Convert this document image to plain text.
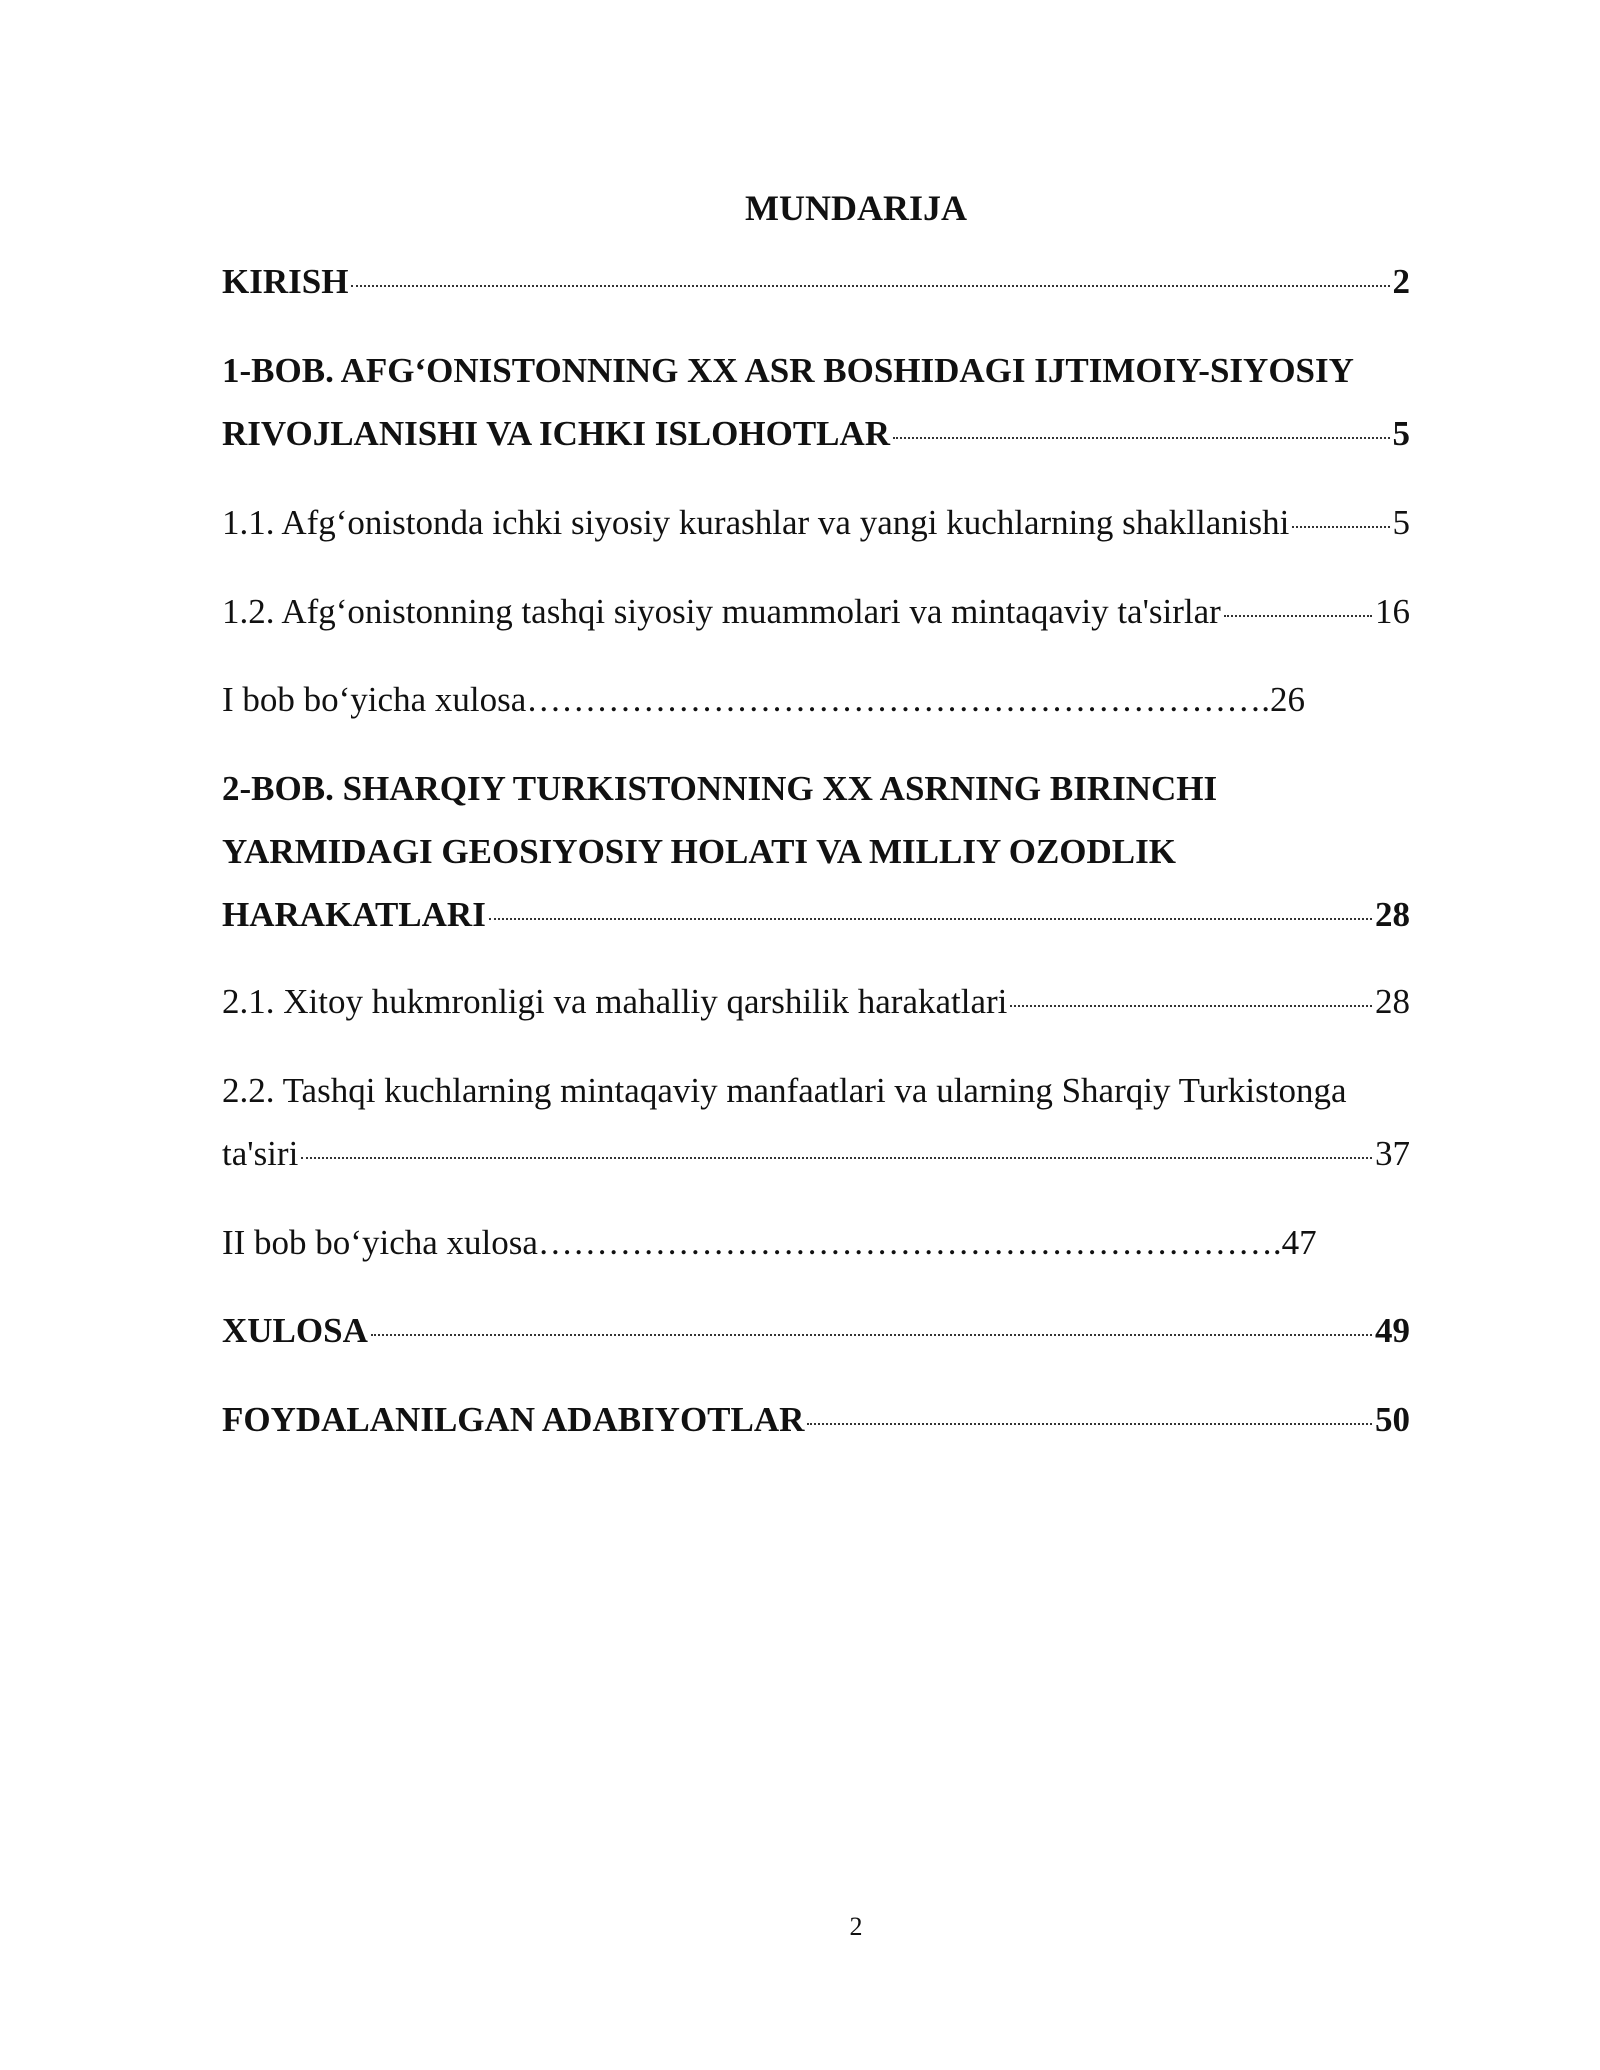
MUNDARIJA
KIRISH	2
1-BOB. AFG‘ONISTONNING XX ASR BOSHIDAGI IJTIMOIY-SIYOSIY
RIVOJLANISHI VA ICHKI ISLOHOTLAR	5
1.1. Afg‘onistonda ichki siyosiy kurashlar va yangi kuchlarning shakllanishi	5
1.2. Afg‘onistonning tashqi siyosiy muammolari va mintaqaviy ta'sirlar	16
I bob bo‘yicha xulosa……………………………………………………….26
2-BOB. SHARQIY TURKISTONNING XX ASRNING BIRINCHI
YARMIDAGI GEOSIYOSIY HOLATI VA MILLIY OZODLIK
HARAKATLARI	28
2.1. Xitoy hukmronligi va mahalliy qarshilik harakatlari	28
2.2. Tashqi kuchlarning mintaqaviy manfaatlari va ularning Sharqiy Turkistonga
ta'siri	37
II bob bo‘yicha xulosa……………………………………………………….47
XULOSA	49
FOYDALANILGAN ADABIYOTLAR	50
2
